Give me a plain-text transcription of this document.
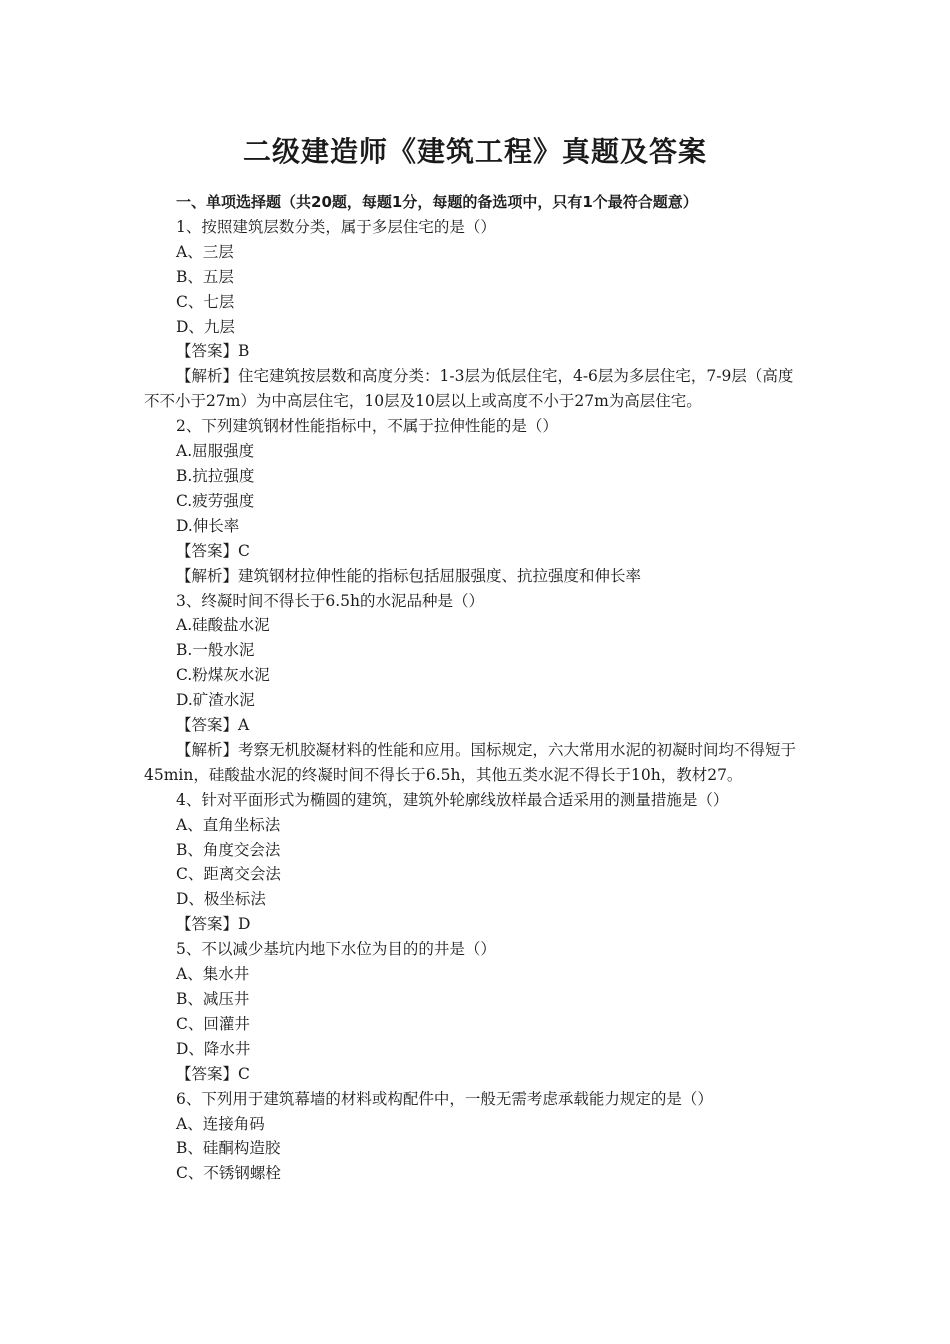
二级建造师《建筑工程》真题及答案
一、单项选择题（共20题，每题1分，每题的备选项中，只有1个最符合题意）
1、按照建筑层数分类，属于多层住宅的是（）
A、三层
B、五层
C、七层
D、九层
【答案】B
【解析】住宅建筑按层数和高度分类：1-3层为低层住宅，4-6层为多层住宅，7-9层（高度不不小于27m）为中高层住宅，10层及10层以上或高度不小于27m为高层住宅。
2、下列建筑钢材性能指标中，不属于拉伸性能的是（）
A.屈服强度
B.抗拉强度
C.疲劳强度
D.伸长率
【答案】C
【解析】建筑钢材拉伸性能的指标包括屈服强度、抗拉强度和伸长率
3、终凝时间不得长于6.5h的水泥品种是（）
A.硅酸盐水泥
B.一般水泥
C.粉煤灰水泥
D.矿渣水泥
【答案】A
【解析】考察无机胶凝材料的性能和应用。国标规定，六大常用水泥的初凝时间均不得短于45min，硅酸盐水泥的终凝时间不得长于6.5h，其他五类水泥不得长于10h，教材27。
4、针对平面形式为椭圆的建筑，建筑外轮廓线放样最合适采用的测量措施是（）
A、直角坐标法
B、角度交会法
C、距离交会法
D、极坐标法
【答案】D
5、不以减少基坑内地下水位为目的的井是（）
A、集水井
B、减压井
C、回灌井
D、降水井
【答案】C
6、下列用于建筑幕墙的材料或构配件中，一般无需考虑承载能力规定的是（）
A、连接角码
B、硅酮构造胶
C、不锈钢螺栓
